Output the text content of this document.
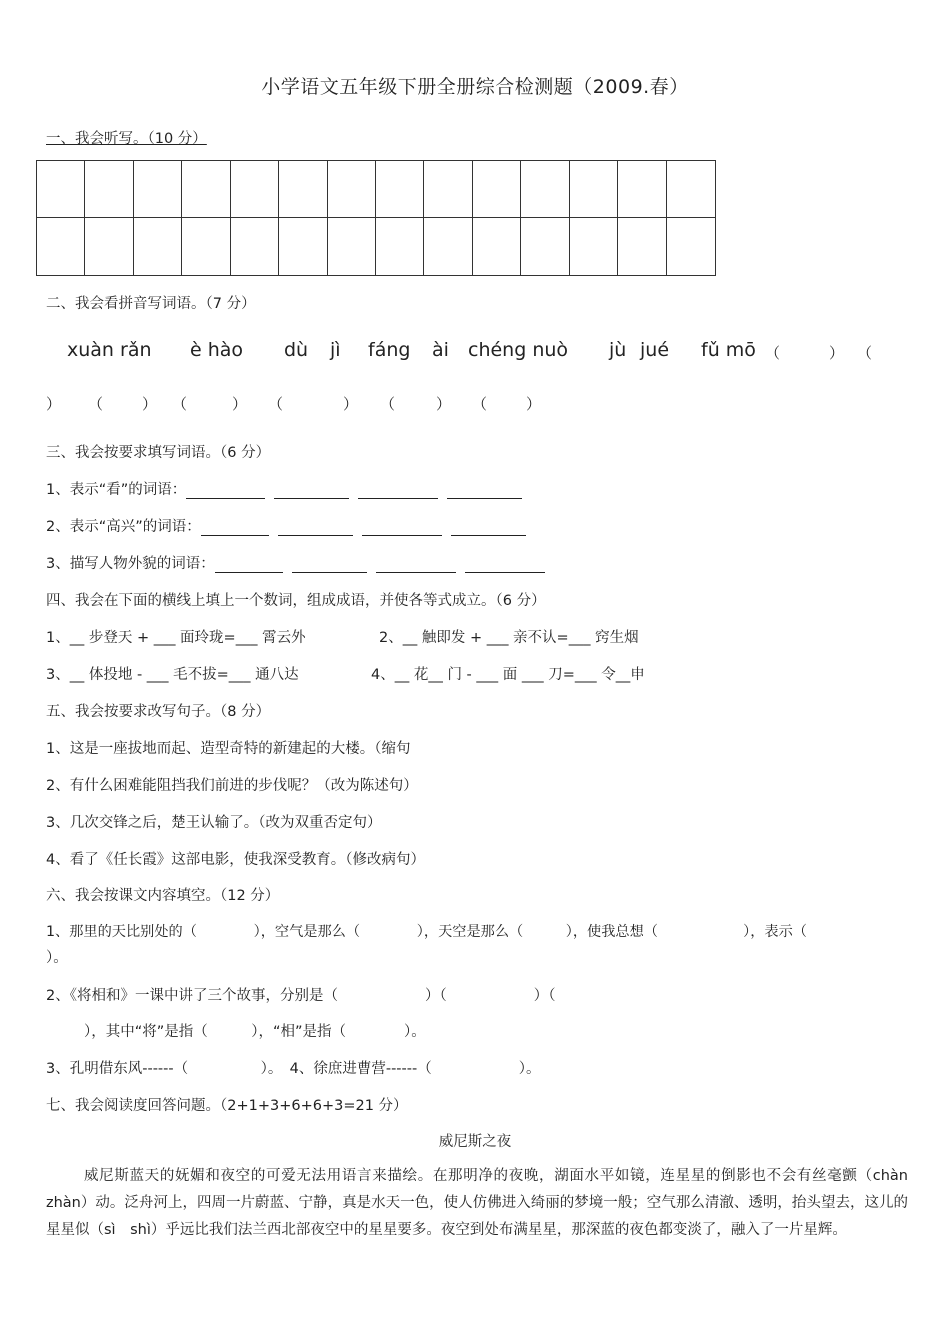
小学语文五年级下册全册综合检测题（2009.春）
一、我会听写。（10 分）
二、我会看拼音写词语。（7 分）
xuàn rǎn è hào dù jì fáng ài chéng nuò jù jué fǔ mō （	） （
） （	） （	） （	） （	） （	）
三、我会按要求填写词语。（6 分）
1、表示“看”的词语：
2、表示“高兴”的词语：
3、描写人物外貌的词语：
四、我会在下面的横线上填上一个数词，组成成语，并使各等式成立。（6 分）
1、__ 步登天 + ___ 面玲珑=___ 霄云外	2、__ 触即发 + ___ 亲不认=___ 窍生烟
3、__ 体投地 - ___ 毛不拔=___ 通八达	4、__ 花__ 门 - ___ 面 ___ 刀=___ 令__申
五、我会按要求改写句子。（8 分）
1、这是一座拔地而起、造型奇特的新建起的大楼。（缩句
2、有什么困难能阻挡我们前进的步伐呢？（改为陈述句）
3、几次交锋之后，楚王认输了。（改为双重否定句）
4、看了《任长霞》这部电影，使我深受教育。（修改病句）
六、我会按课文内容填空。（12 分）
1、那里的天比别处的（　　　　），空气是那么（　　　　），天空是那么（　　　），使我总想（　　　　　　），表示（
）。
2、《将相和》一课中讲了三个故事，分别是（　　　　　　）（　　　　　　）（
），其中“将”是指（　　　），“相”是指（　　　　）。
3、孔明借东风------（　　　　　）。　4、徐庶进曹营------（　　　　　　）。
七、我会阅读度回答问题。（2+1+3+6+6+3=21 分）
威尼斯之夜
威尼斯蓝天的妩媚和夜空的可爱无法用语言来描绘。在那明净的夜晚，湖面水平如镜，连星星的倒影也不会有丝毫颤（chàn　zhàn）动。泛舟河上，四周一片蔚蓝、宁静，真是水天一色，使人仿佛进入绮丽的梦境一般；空气那么清澈、透明，抬头望去，这儿的星星似（sì　shì）乎远比我们法兰西北部夜空中的星星要多。夜空到处布满星星，那深蓝的夜色都变淡了，融入了一片星辉。
